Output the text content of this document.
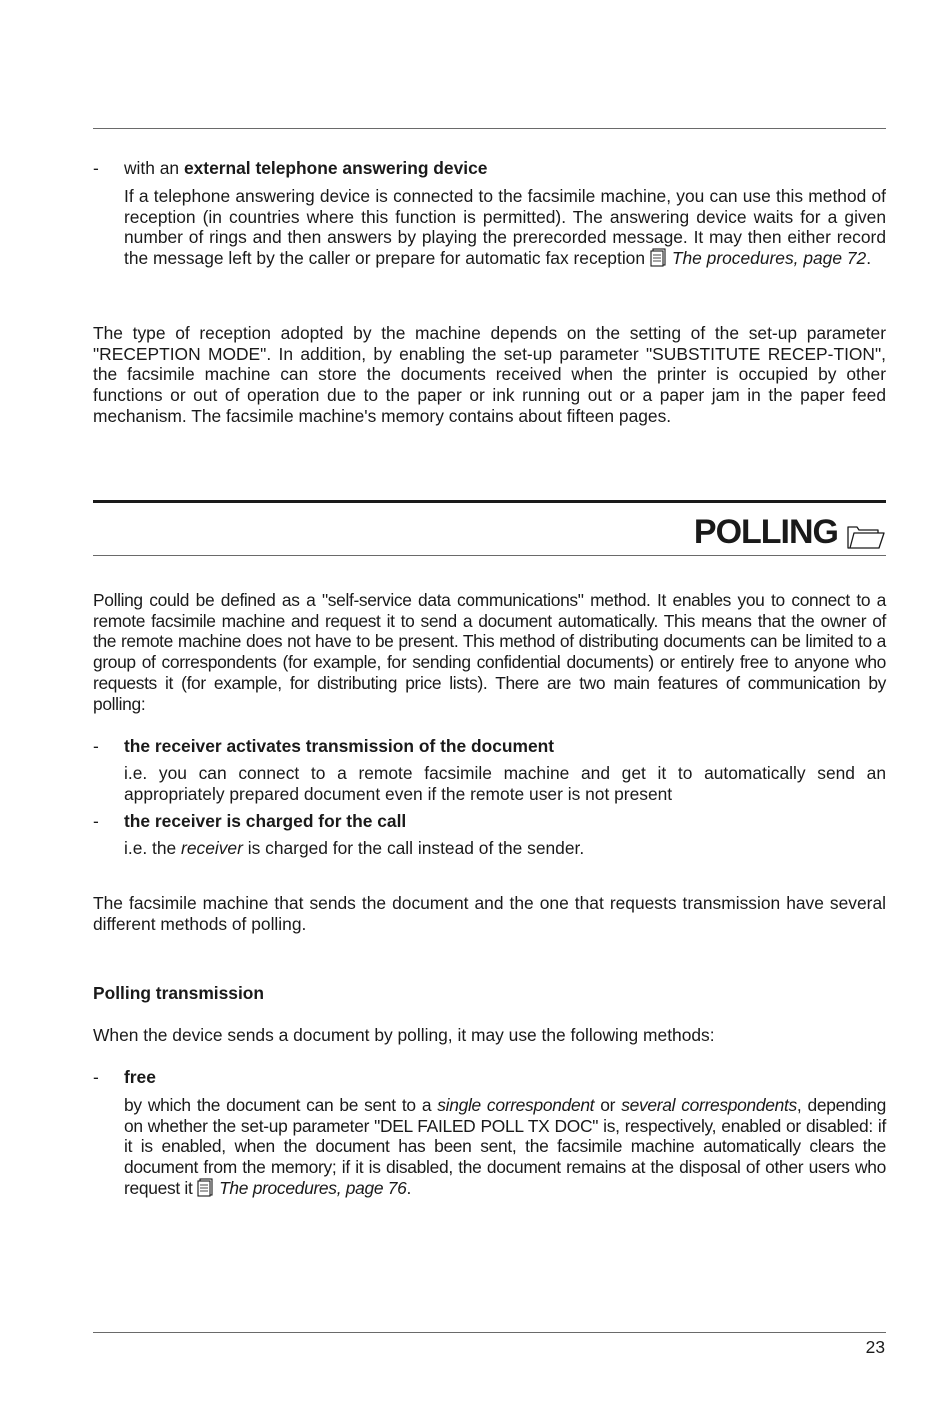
- with an external telephone answering device
If a telephone answering device is connected to the facsimile machine, you can use this method of reception (in countries where this function is permitted). The answering device waits for a given number of rings and then answers by playing the prerecorded message. It may then either record the message left by the caller or prepare for automatic fax reception The procedures, page 72.
The type of reception adopted by the machine depends on the setting of the set-up parameter "RECEPTION MODE". In addition, by enabling the set-up parameter "SUBSTITUTE RECEP-TION", the facsimile machine can store the documents received when the printer is occupied by other functions or out of operation due to the paper or ink running out or a paper jam in the paper feed mechanism. The facsimile machine's memory contains about fifteen pages.
POLLING
Polling could be defined as a "self-service data communications" method. It enables you to connect to a remote facsimile machine and request it to send a document automatically. This means that the owner of the remote machine does not have to be present. This method of distributing documents can be limited to a group of correspondents (for example, for sending confidential documents) or entirely free to anyone who requests it (for example, for distributing price lists). There are two main features of communication by polling:
- the receiver activates transmission of the document
i.e. you can connect to a remote facsimile machine and get it to automatically send an appropriately prepared document even if the remote user is not present
- the receiver is charged for the call
i.e. the receiver is charged for the call instead of the sender.
The facsimile machine that sends the document and the one that requests transmission have several different methods of polling.
Polling transmission
When the device sends a document by polling, it may use the following methods:
- free
by which the document can be sent to a single correspondent or several correspondents, depending on whether the set-up parameter "DEL FAILED POLL TX DOC" is, respectively, enabled or disabled: if it is enabled, when the document has been sent, the facsimile machine automatically clears the document from the memory; if it is disabled, the document remains at the disposal of other users who request it The procedures, page 76.
23
